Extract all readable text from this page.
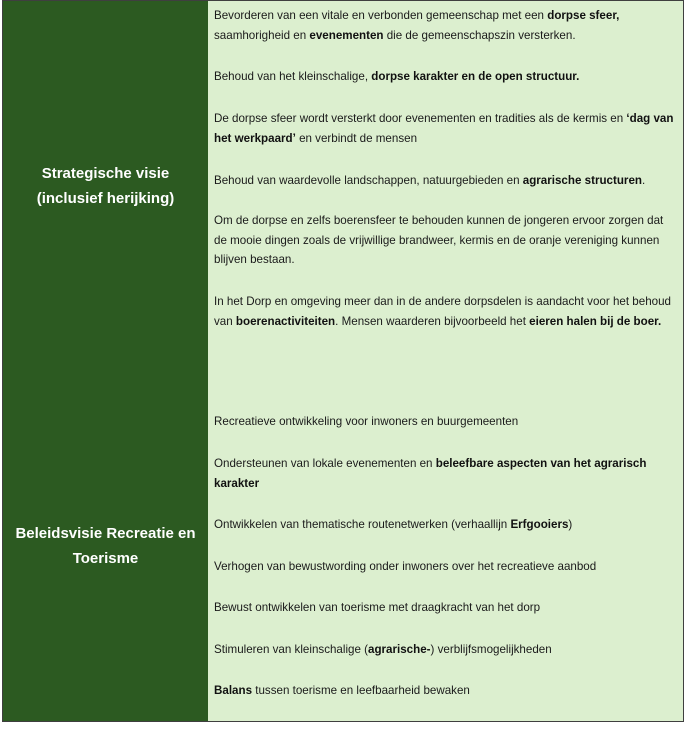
Strategische visie
(inclusief herijking)

Bevorderen van een vitale en verbonden gemeenschap met een dorpse sfeer, saamhorigheid en evenementen die de gemeenschapszin versterken.

Behoud van het kleinschalige, dorpse karakter en de open structuur.

De dorpse sfeer wordt versterkt door evenementen en tradities als de kermis en ‘dag van het werkpaard’ en verbindt de mensen

Behoud van waardevolle landschappen, natuurgebieden en agrarische structuren.

Om de dorpse en zelfs boerensfeer te behouden kunnen de jongeren ervoor zorgen dat de mooie dingen zoals de vrijwillige brandweer, kermis en de oranje vereniging kunnen blijven bestaan.

In het Dorp en omgeving meer dan in de andere dorpsdelen is aandacht voor het behoud van boerenactiviteiten. Mensen waarderen bijvoorbeeld het eieren halen bij de boer.

Beleidsvisie Recreatie en
Toerisme

Recreatieve ontwikkeling voor inwoners en buurgemeenten

Ondersteunen van lokale evenementen en beleefbare aspecten van het agrarisch karakter

Ontwikkelen van thematische routenetwerken (verhaallijn Erfgooiers)

Verhogen van bewustwording onder inwoners over het recreatieve aanbod

Bewust ontwikkelen van toerisme met draagkracht van het dorp

Stimuleren van kleinschalige (agrarische-) verblijfsmogelijkheden

Balans tussen toerisme en leefbaarheid bewaken
